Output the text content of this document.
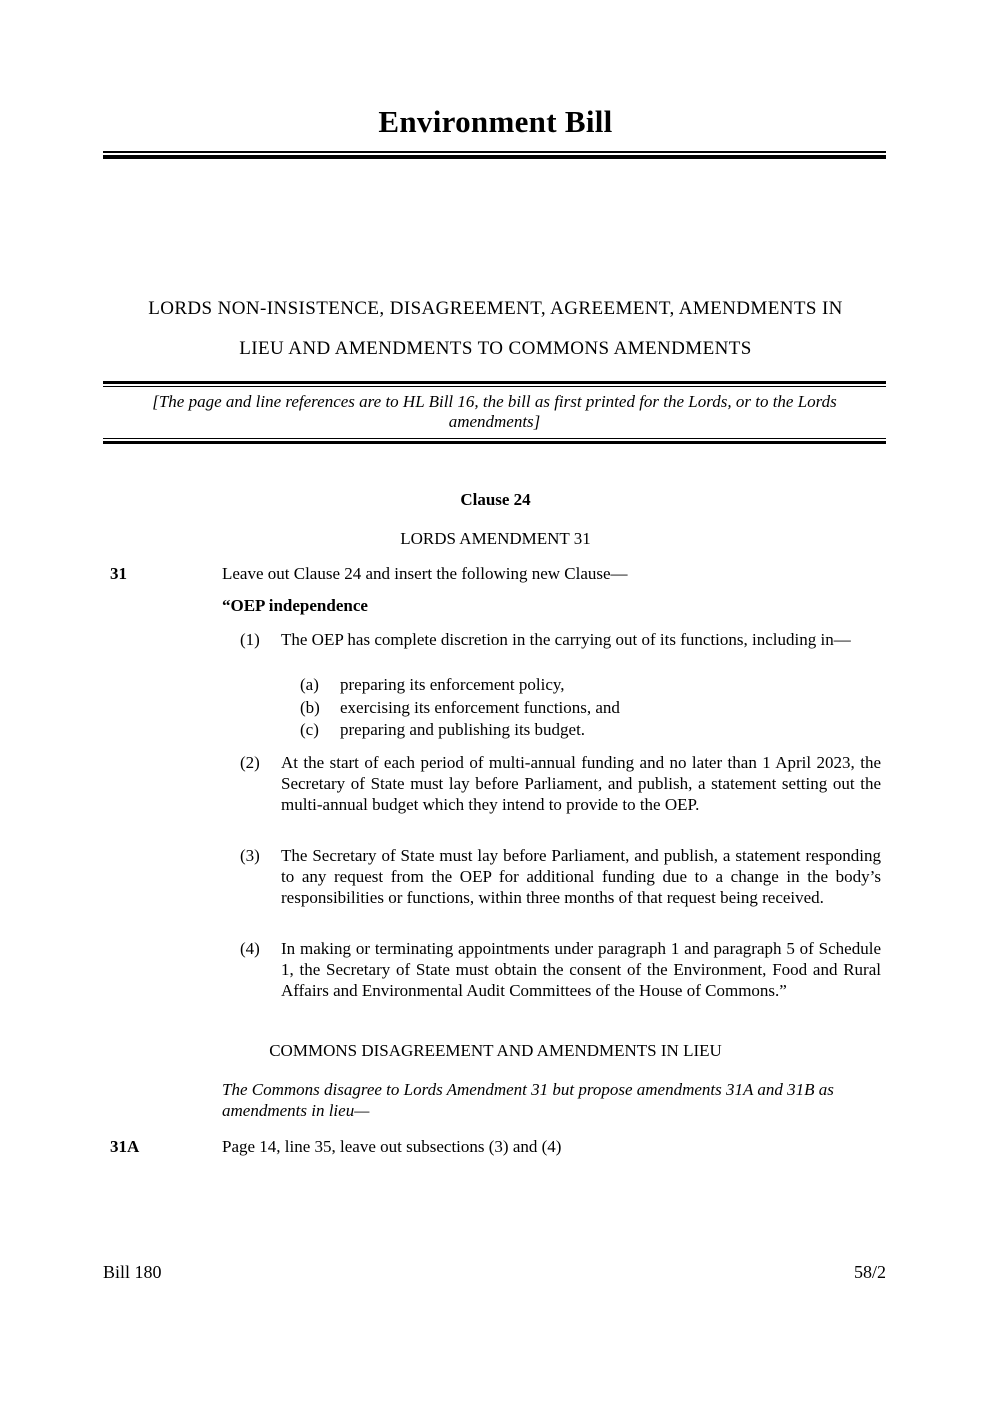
Environment Bill
LORDS NON-INSISTENCE, DISAGREEMENT, AGREEMENT, AMENDMENTS IN
LIEU AND AMENDMENTS TO COMMONS AMENDMENTS
[The page and line references are to HL Bill 16, the bill as first printed for the Lords, or to the Lords amendments]
Clause 24
LORDS AMENDMENT 31
31	Leave out Clause 24 and insert the following new Clause—
“OEP independence
(1)	The OEP has complete discretion in the carrying out of its functions, including in—
(a)	preparing its enforcement policy,
(b)	exercising its enforcement functions, and
(c)	preparing and publishing its budget.
(2)	At the start of each period of multi-annual funding and no later than 1 April 2023, the Secretary of State must lay before Parliament, and publish, a statement setting out the multi-annual budget which they intend to provide to the OEP.
(3)	The Secretary of State must lay before Parliament, and publish, a statement responding to any request from the OEP for additional funding due to a change in the body’s responsibilities or functions, within three months of that request being received.
(4)	In making or terminating appointments under paragraph 1 and paragraph 5 of Schedule 1, the Secretary of State must obtain the consent of the Environment, Food and Rural Affairs and Environmental Audit Committees of the House of Commons.”
COMMONS DISAGREEMENT AND AMENDMENTS IN LIEU
The Commons disagree to Lords Amendment 31 but propose amendments 31A and 31B as amendments in lieu—
31A	Page 14, line 35, leave out subsections (3) and (4)
Bill 180	58/2
